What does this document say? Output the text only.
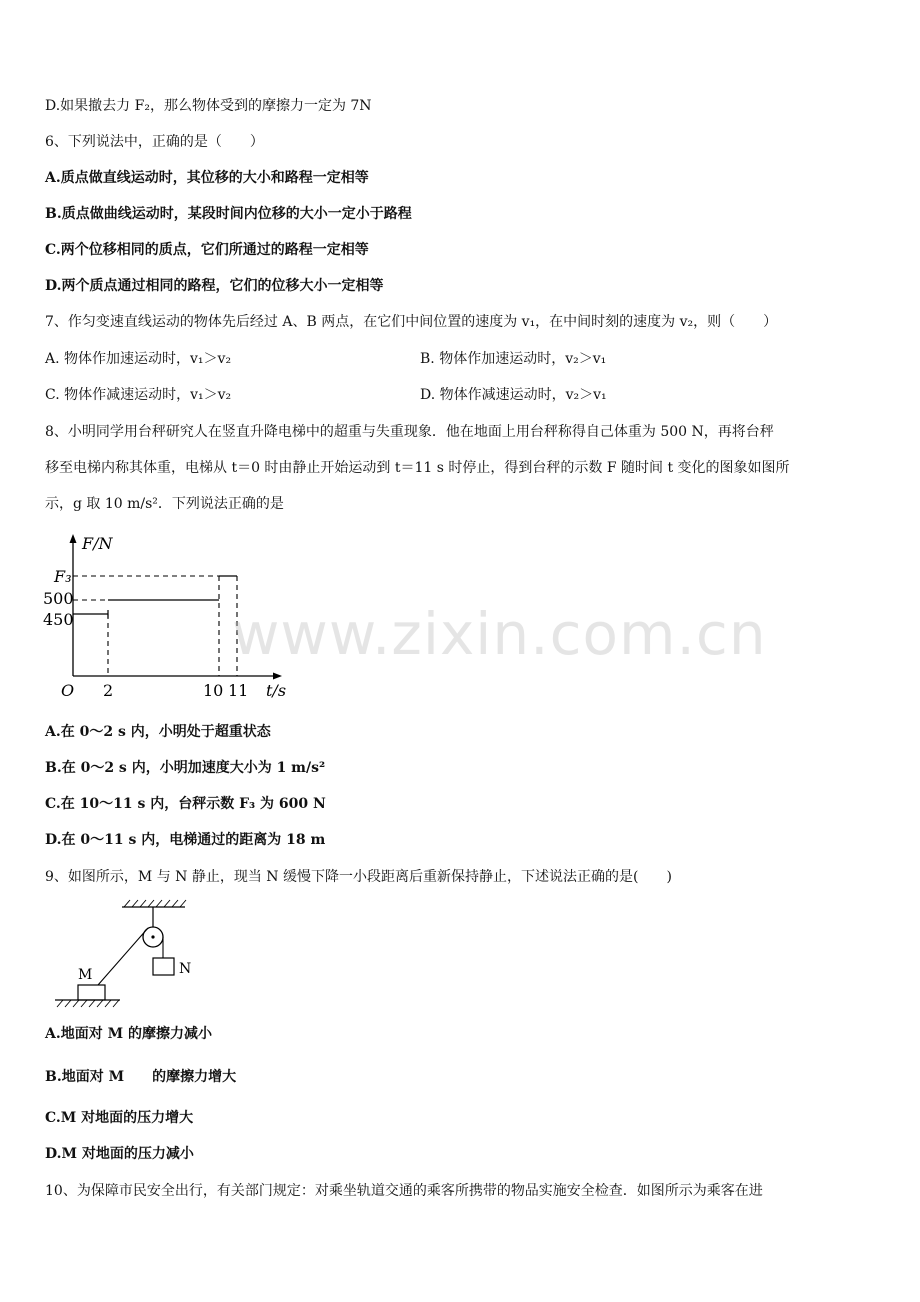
D.如果撤去力 F₂，那么物体受到的摩擦力一定为 7N
6、下列说法中，正确的是（　　）
A.质点做直线运动时，其位移的大小和路程一定相等
B.质点做曲线运动时，某段时间内位移的大小一定小于路程
C.两个位移相同的质点，它们所通过的路程一定相等
D.两个质点通过相同的路程，它们的位移大小一定相等
7、作匀变速直线运动的物体先后经过 A、B 两点，在它们中间位置的速度为 v₁，在中间时刻的速度为 v₂，则（　　）
A. 物体作加速运动时，v₁＞v₂	B. 物体作加速运动时，v₂＞v₁
C. 物体作减速运动时，v₁＞v₂	D. 物体作减速运动时，v₂＞v₁
8、小明同学用台秤研究人在竖直升降电梯中的超重与失重现象．他在地面上用台秤称得自己体重为 500 N，再将台秤
移至电梯内称其体重，电梯从 t＝0 时由静止开始运动到 t＝11 s 时停止，得到台秤的示数 F 随时间 t 变化的图象如图所
示，g 取 10 m/s²．下列说法正确的是
F/N
t/s
O 2	10 11
450
500
F₃
A.在 0～2 s 内，小明处于超重状态
B.在 0～2 s 内，小明加速度大小为 1 m/s²
C.在 10～11 s 内，台秤示数 F₃ 为 600 N
D.在 0～11 s 内，电梯通过的距离为 18 m
9、如图所示，M 与 N 静止，现当 N 缓慢下降一小段距离后重新保持静止，下述说法正确的是(　　)
N
M
A.地面对 M 的摩擦力减小
B.地面对 M　　的摩擦力增大
C.M 对地面的压力增大
D.M 对地面的压力减小
10、为保障市民安全出行，有关部门规定：对乘坐轨道交通的乘客所携带的物品实施安全检查．如图所示为乘客在进
www.zixin.com.cn
